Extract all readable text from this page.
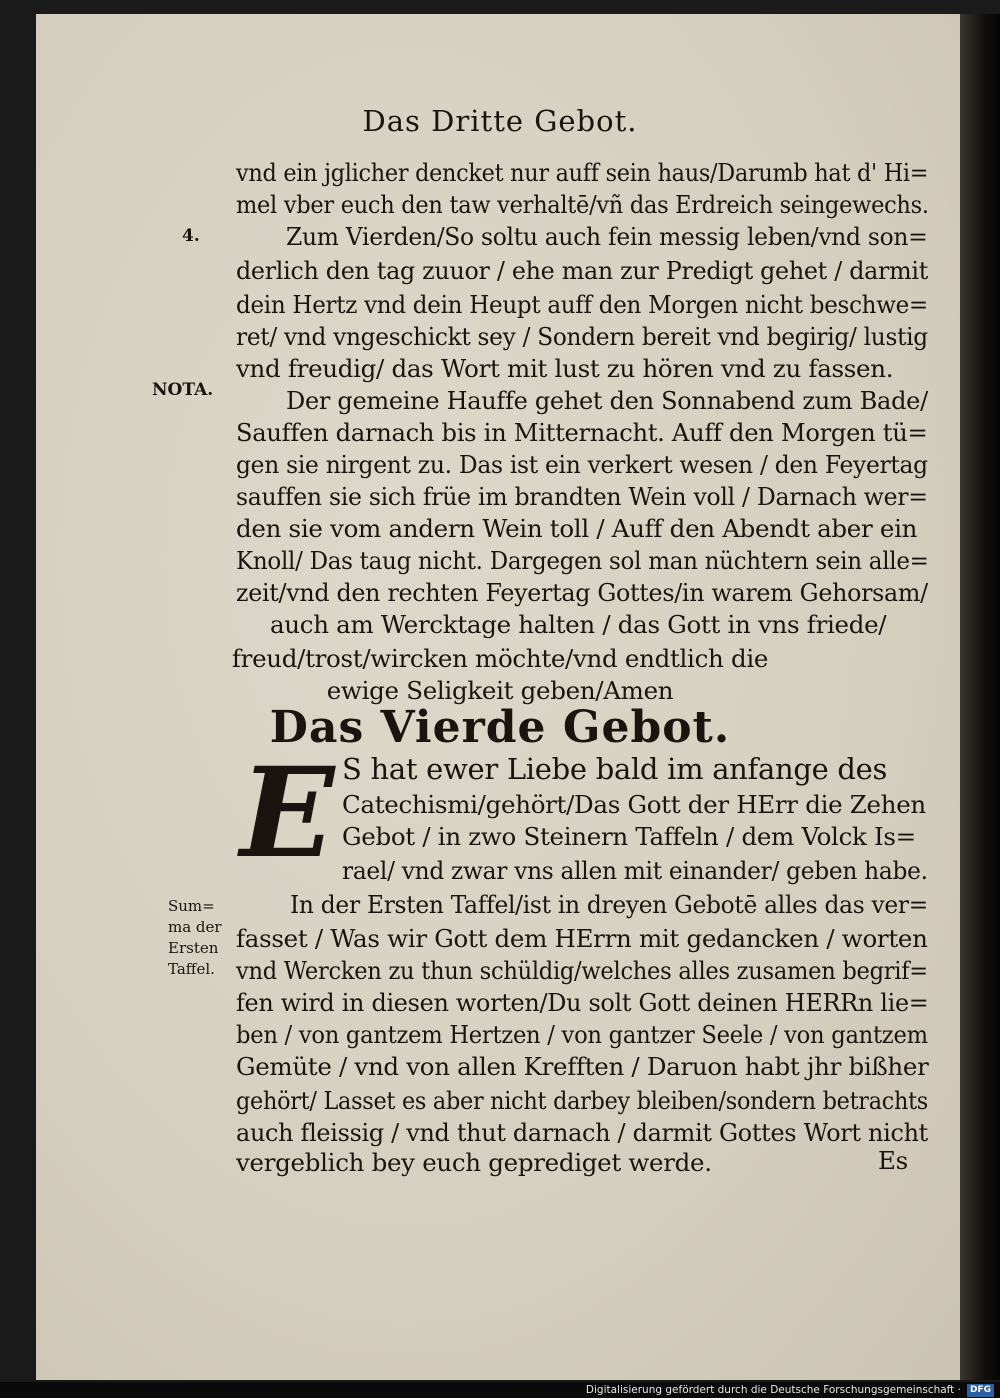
Das Dritte Gebot.
vnd ein jglicher dencket nur auff sein haus/Darumb hat d' Hi=
mel vber euch den taw verhaltē/vñ das Erdreich seingewechs.
Zum Vierden/So soltu auch fein messig leben/vnd son=
derlich den tag zuuor / ehe man zur Predigt gehet / darmit
dein Hertz vnd dein Heupt auff den Morgen nicht beschwe=
ret/ vnd vngeschickt sey / Sondern bereit vnd begirig/ lustig
vnd freudig/ das Wort mit lust zu hören vnd zu fassen.
Der gemeine Hauffe gehet den Sonnabend zum Bade/
Sauffen darnach bis in Mitternacht. Auff den Morgen tü=
gen sie nirgent zu. Das ist ein verkert wesen / den Feyertag
sauffen sie sich früe im brandten Wein voll / Darnach wer=
den sie vom andern Wein toll / Auff den Abendt aber ein
Knoll/ Das taug nicht. Dargegen sol man nüchtern sein alle=
zeit/vnd den rechten Feyertag Gottes/in warem Gehorsam/
auch am Wercktage halten / das Gott in vns friede/
freud/trost/wircken möchte/vnd endtlich die
ewige Seligkeit geben/Amen
4.
NOTA.
Das Vierde Gebot.
E S hat ewer Liebe bald im anfange des
Catechismi/gehört/Das Gott der HErr die Zehen
Gebot / in zwo Steinern Taffeln / dem Volck Is=
rael/ vnd zwar vns allen mit einander/ geben habe.
In der Ersten Taffel/ist in dreyen Gebotē alles das ver=
fasset / Was wir Gott dem HErrn mit gedancken / worten
vnd Wercken zu thun schüldig/welches alles zusamen begrif=
fen wird in diesen worten/Du solt Gott deinen HERRn lie=
ben / von gantzem Hertzen / von gantzer Seele / von gantzem
Gemüte / vnd von allen Krefften / Daruon habt jhr bißher
gehört/ Lasset es aber nicht darbey bleiben/sondern betrachts
auch fleissig / vnd thut darnach / darmit Gottes Wort nicht
vergeblich bey euch geprediget werde.
Sum=
ma der
Ersten
Taffel.
Es
Digitalisierung gefördert durch die Deutsche Forschungsgemeinschaft · DFG
